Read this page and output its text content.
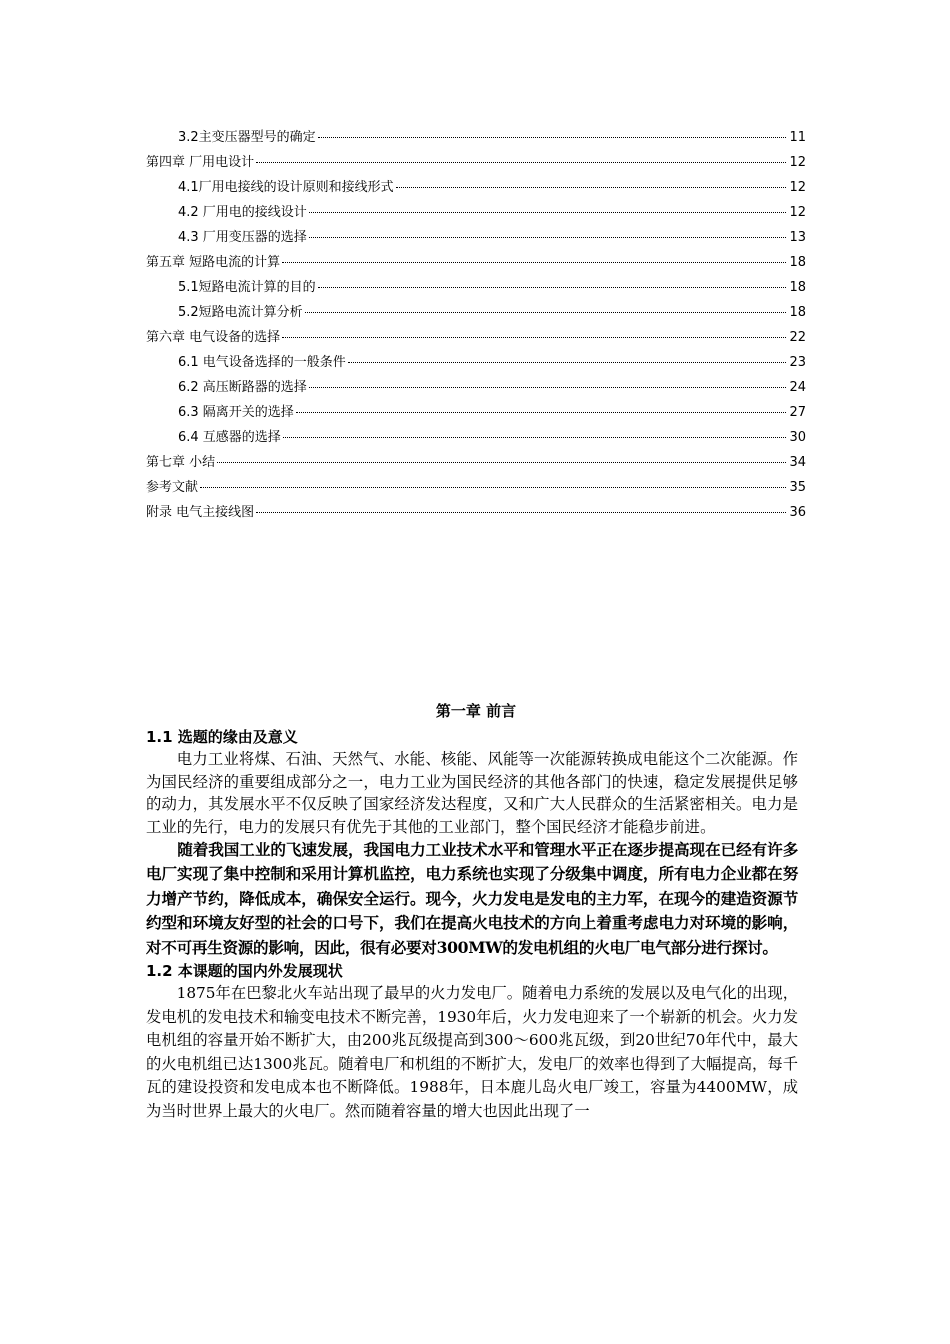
3.2主变压器型号的确定	11
第四章 厂用电设计	12
4.1厂用电接线的设计原则和接线形式	12
4.2 厂用电的接线设计	12
4.3 厂用变压器的选择	13
第五章 短路电流的计算	18
5.1短路电流计算的目的	18
5.2短路电流计算分析	18
第六章 电气设备的选择	22
6.1 电气设备选择的一般条件	23
6.2 高压断路器的选择	24
6.3 隔离开关的选择	27
6.4 互感器的选择	30
第七章 小结	34
参考文献	35
附录 电气主接线图	36
第一章 前言

1.1 选题的缘由及意义

电力工业将煤、石油、天然气、水能、核能、风能等一次能源转换成电能这个二次能源。作为国民经济的重要组成部分之一，电力工业为国民经济的其他各部门的快速，稳定发展提供足够的动力，其发展水平不仅反映了国家经济发达程度，又和广大人民群众的生活紧密相关。电力是工业的先行，电力的发展只有优先于其他的工业部门，整个国民经济才能稳步前进。

随着我国工业的飞速发展，我国电力工业技术水平和管理水平正在逐步提高现在已经有许多电厂实现了集中控制和采用计算机监控，电力系统也实现了分级集中调度，所有电力企业都在努力增产节约，降低成本，确保安全运行。现今，火力发电是发电的主力军，在现今的建造资源节约型和环境友好型的社会的口号下，我们在提高火电技术的方向上着重考虑电力对环境的影响，对不可再生资源的影响，因此，很有必要对300MW的发电机组的火电厂电气部分进行探讨。

1.2 本课题的国内外发展现状

1875年在巴黎北火车站出现了最早的火力发电厂。随着电力系统的发展以及电气化的出现，发电机的发电技术和输变电技术不断完善，1930年后，火力发电迎来了一个崭新的机会。火力发电机组的容量开始不断扩大，由200兆瓦级提高到300～600兆瓦级，到20世纪70年代中，最大的火电机组已达1300兆瓦。随着电厂和机组的不断扩大，发电厂的效率也得到了大幅提高，每千瓦的建设投资和发电成本也不断降低。1988年，日本鹿儿岛火电厂竣工，容量为4400MW，成为当时世界上最大的火电厂。然而随着容量的增大也因此出现了一
